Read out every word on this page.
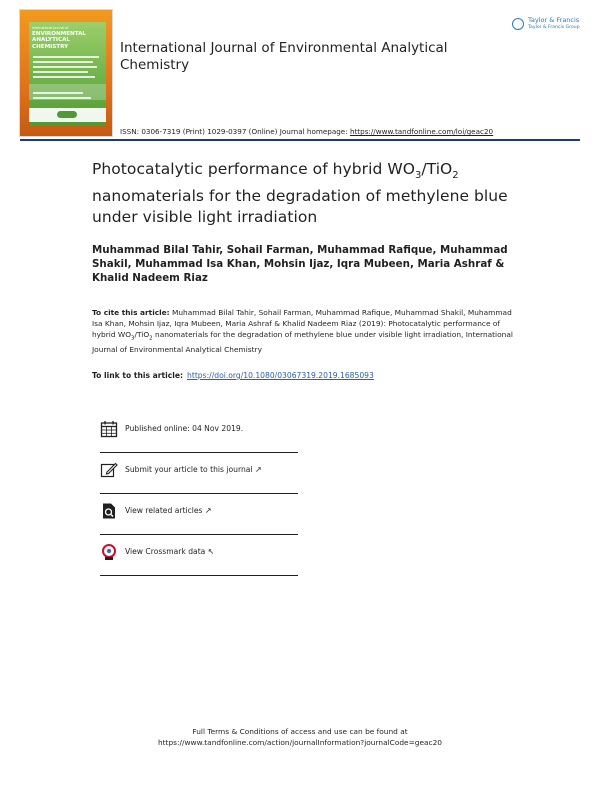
International Journal of
ENVIRONMENTAL
ANALYTICAL
CHEMISTRY	International Journal of Environmental Analytical Chemistry
Taylor & Francis
Taylor & Francis Group
ISSN: 0306-7319 (Print) 1029-0397 (Online) Journal homepage: https://www.tandfonline.com/loi/geac20
Photocatalytic performance of hybrid $WO_3/TiO_2$ nanomaterials for the degradation of methylene blue under visible light irradiation
Muhammad Bilal Tahir, Sohail Farman, Muhammad Rafique, Muhammad Shakil, Muhammad Isa Khan, Mohsin Ijaz, Iqra Mubeen, Maria Ashraf & Khalid Nadeem Riaz
To cite this article: Muhammad Bilal Tahir, Sohail Farman, Muhammad Rafique, Muhammad Shakil, Muhammad Isa Khan, Mohsin Ijaz, Iqra Mubeen, Maria Ashraf & Khalid Nadeem Riaz (2019): Photocatalytic performance of hybrid $WO_3/TiO_2$ nanomaterials for the degradation of methylene blue under visible light irradiation, International Journal of Environmental Analytical Chemistry
To link to this article: https://doi.org/10.1080/03067319.2019.1685093
Published online: 04 Nov 2019.
Submit your article to this journal ↗
View related articles ↗
View Crossmark data ↖
Full Terms & Conditions of access and use can be found at
https://www.tandfonline.com/action/journalInformation?journalCode=geac20
